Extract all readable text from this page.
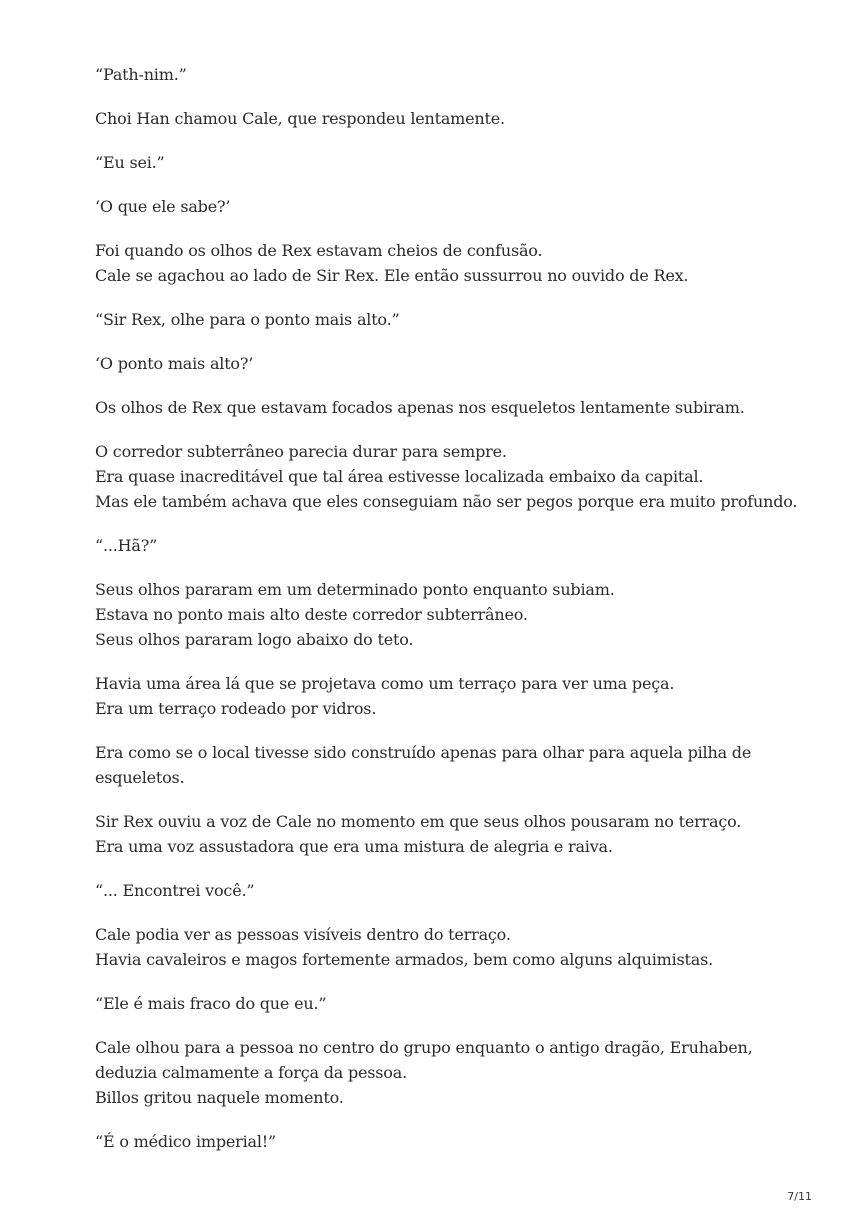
“Path-nim.”

Choi Han chamou Cale, que respondeu lentamente.

“Eu sei.”

‘O que ele sabe?’

Foi quando os olhos de Rex estavam cheios de confusão.
Cale se agachou ao lado de Sir Rex. Ele então sussurrou no ouvido de Rex.

“Sir Rex, olhe para o ponto mais alto.”

‘O ponto mais alto?’

Os olhos de Rex que estavam focados apenas nos esqueletos lentamente subiram.

O corredor subterrâneo parecia durar para sempre.
Era quase inacreditável que tal área estivesse localizada embaixo da capital.
Mas ele também achava que eles conseguiam não ser pegos porque era muito profundo.

“...Hã?”

Seus olhos pararam em um determinado ponto enquanto subiam.
Estava no ponto mais alto deste corredor subterrâneo.
Seus olhos pararam logo abaixo do teto.

Havia uma área lá que se projetava como um terraço para ver uma peça.
Era um terraço rodeado por vidros.

Era como se o local tivesse sido construído apenas para olhar para aquela pilha de
esqueletos.

Sir Rex ouviu a voz de Cale no momento em que seus olhos pousaram no terraço.
Era uma voz assustadora que era uma mistura de alegria e raiva.

“... Encontrei você.”

Cale podia ver as pessoas visíveis dentro do terraço.
Havia cavaleiros e magos fortemente armados, bem como alguns alquimistas.

“Ele é mais fraco do que eu.”

Cale olhou para a pessoa no centro do grupo enquanto o antigo dragão, Eruhaben,
deduzia calmamente a força da pessoa.
Billos gritou naquele momento.

“É o médico imperial!”

7/11
